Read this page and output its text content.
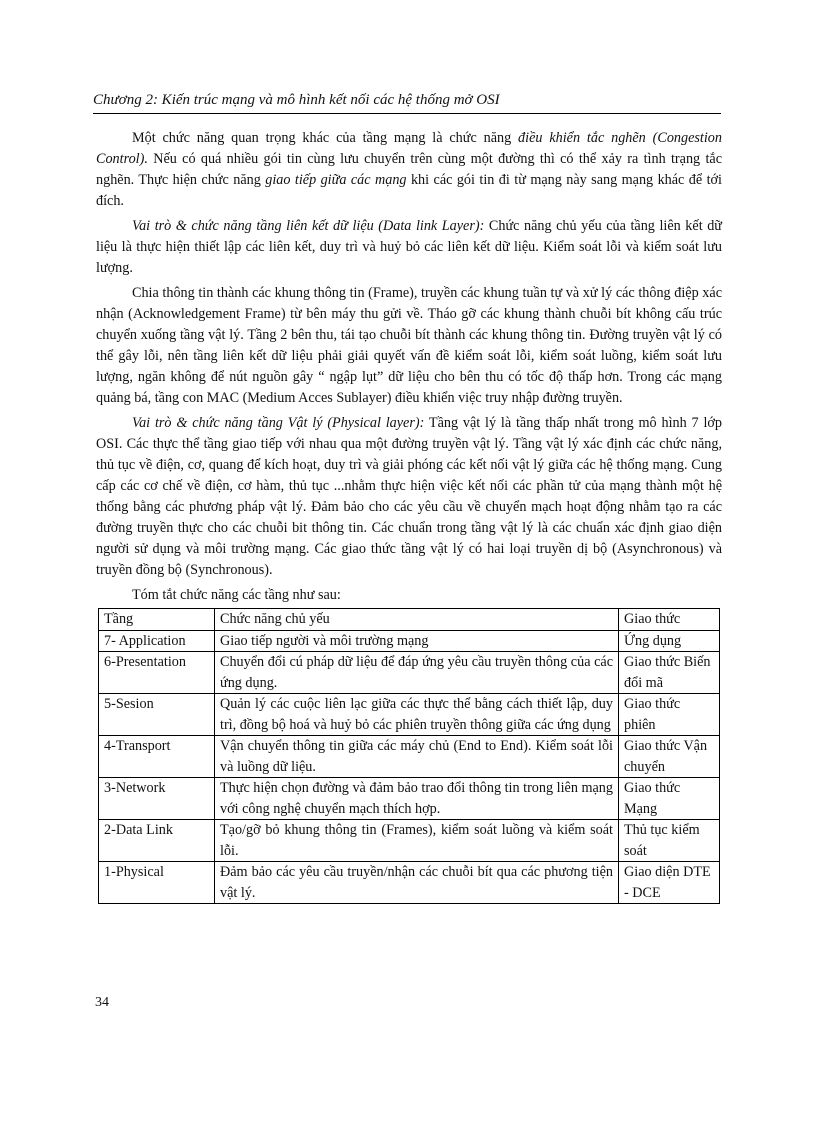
Chương 2: Kiến trúc mạng và mô hình kết nối các hệ thống mở OSI

Một chức năng quan trọng khác của tầng mạng là chức năng điều khiển tắc nghẽn (Congestion Control). Nếu có quá nhiều gói tin cùng lưu chuyển trên cùng một đường thì có thể xảy ra tình trạng tắc nghẽn. Thực hiện chức năng giao tiếp giữa các mạng khi các gói tin đi từ mạng này sang mạng khác để tới đích.

Vai trò & chức năng tầng liên kết dữ liệu (Data link Layer): Chức năng chủ yếu của tầng liên kết dữ liệu là thực hiện thiết lập các liên kết, duy trì và huỷ bỏ các liên kết dữ liệu. Kiểm soát lỗi và kiểm soát lưu lượng.

Chia thông tin thành các khung thông tin (Frame), truyền các khung tuần tự và xử lý các thông điệp xác nhận (Acknowledgement Frame) từ bên máy thu gửi về. Tháo gỡ các khung thành chuỗi bít không cấu trúc chuyển xuống tầng vật lý. Tầng 2 bên thu, tái tạo chuỗi bít thành các khung thông tin. Đường truyền vật lý có thể gây lỗi, nên tầng liên kết dữ liệu phải giải quyết vấn đề kiểm soát lỗi, kiểm soát luồng, kiểm soát lưu lượng, ngăn không để nút nguồn gây “ ngập lụt” dữ liệu cho bên thu có tốc độ thấp hơn. Trong các mạng quảng bá, tầng con MAC (Medium Acces Sublayer) điều khiển việc truy nhập đường truyền.

Vai trò & chức năng tầng Vật lý (Physical layer): Tầng vật lý là tầng thấp nhất trong mô hình 7 lớp OSI. Các thực thể tầng giao tiếp với nhau qua một đường truyền vật lý. Tầng vật lý xác định các chức năng, thủ tục về điện, cơ, quang để kích hoạt, duy trì và giải phóng các kết nối vật lý giữa các hệ thống mạng. Cung cấp các cơ chế về điện, cơ hàm, thủ tục ...nhằm thực hiện việc kết nối các phần tử của mạng thành một hệ thống bằng các phương pháp vật lý. Đảm bảo cho các yêu cầu về chuyển mạch hoạt động nhằm tạo ra các đường truyền thực cho các chuỗi bit thông tin. Các chuẩn trong tầng vật lý là các chuẩn xác định giao diện người sử dụng và môi trường mạng. Các giao thức tầng vật lý có hai loại truyền dị bộ (Asynchronous) và truyền đồng bộ (Synchronous).

Tóm tắt chức năng các tầng như sau:
Tầng	Chức năng chủ yếu	Giao thức
7- Application	Giao tiếp người và môi trường mạng	Ứng dụng
6-Presentation	Chuyển đổi cú pháp dữ liệu để đáp ứng yêu cầu truyền thông của các ứng dụng.	Giao thức Biến đổi mã
5-Sesion	Quản lý các cuộc liên lạc giữa các thực thể bằng cách thiết lập, duy trì, đồng bộ hoá và huỷ bỏ các phiên truyền thông giữa các ứng dụng	Giao thức phiên
4-Transport	Vận chuyển thông tin giữa các máy chủ (End to End). Kiểm soát lỗi và luồng dữ liệu.	Giao thức Vận chuyển
3-Network	Thực hiện chọn đường và đảm bảo trao đổi thông tin trong liên mạng với công nghệ chuyển mạch thích hợp.	Giao thức Mạng
2-Data Link	Tạo/gỡ bỏ khung thông tin (Frames), kiểm soát luồng và kiểm soát lỗi.	Thủ tục kiểm soát
1-Physical	Đảm bảo các yêu cầu truyền/nhận các chuỗi bít qua các phương tiện vật lý.	Giao diện DTE - DCE
34
